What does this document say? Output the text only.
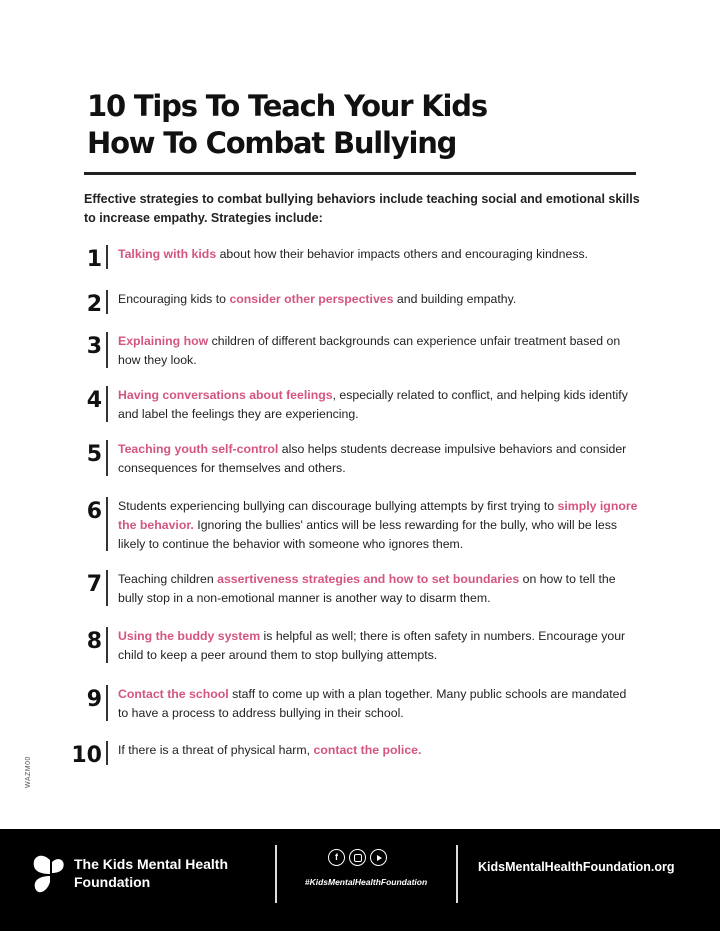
10 Tips To Teach Your Kids
How To Combat Bullying
Effective strategies to combat bullying behaviors include teaching social and emotional skills to increase empathy. Strategies include:
1 Talking with kids about how their behavior impacts others and encouraging kindness.
2 Encouraging kids to consider other perspectives and building empathy.
3 Explaining how children of different backgrounds can experience unfair treatment based on how they look.
4 Having conversations about feelings, especially related to conflict, and helping kids identify and label the feelings they are experiencing.
5 Teaching youth self-control also helps students decrease impulsive behaviors and consider consequences for themselves and others.
6 Students experiencing bullying can discourage bullying attempts by first trying to simply ignore the behavior. Ignoring the bullies' antics will be less rewarding for the bully, who will be less likely to continue the behavior with someone who ignores them.
7 Teaching children assertiveness strategies and how to set boundaries on how to tell the bully stop in a non-emotional manner is another way to disarm them.
8 Using the buddy system is helpful as well; there is often safety in numbers. Encourage your child to keep a peer around them to stop bullying attempts.
9 Contact the school staff to come up with a plan together. Many public schools are mandated to have a process to address bullying in their school.
10 If there is a threat of physical harm, contact the police.
WAZM00
The Kids Mental Health
Foundation
f
#KidsMentalHealthFoundation
KidsMentalHealthFoundation.org
